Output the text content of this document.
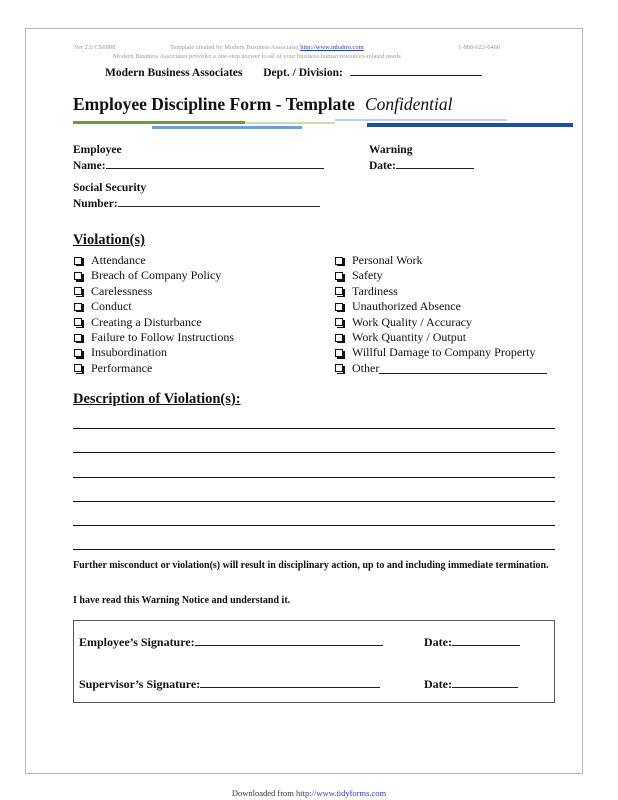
Ver 2.0 CS0808	Template created by Modern Business Associates http://www.mbahro.com	1-888-622-6460
Modern Business Associates provides a one-stop answer to all of your business human resources-related needs
Modern Business Associates Dept. / Division:
Employee Discipline Form - Template Confidential
Employee
Name:
Warning
Date:
Social Security
Number:
Violation(s)
Attendance
Breach of Company Policy
Carelessness
Conduct
Creating a Disturbance
Failure to Follow Instructions
Insubordination
Performance
Personal Work
Safety
Tardiness
Unauthorized Absence
Work Quality / Accuracy
Work Quantity / Output
Willful Damage to Company Property
Other
Description of Violation(s):
Further misconduct or violation(s) will result in disciplinary action, up to and including immediate termination.
I have read this Warning Notice and understand it.
Employee’s Signature:	Date:
Supervisor’s Signature:	Date:
Downloaded from http://www.tidyforms.com
